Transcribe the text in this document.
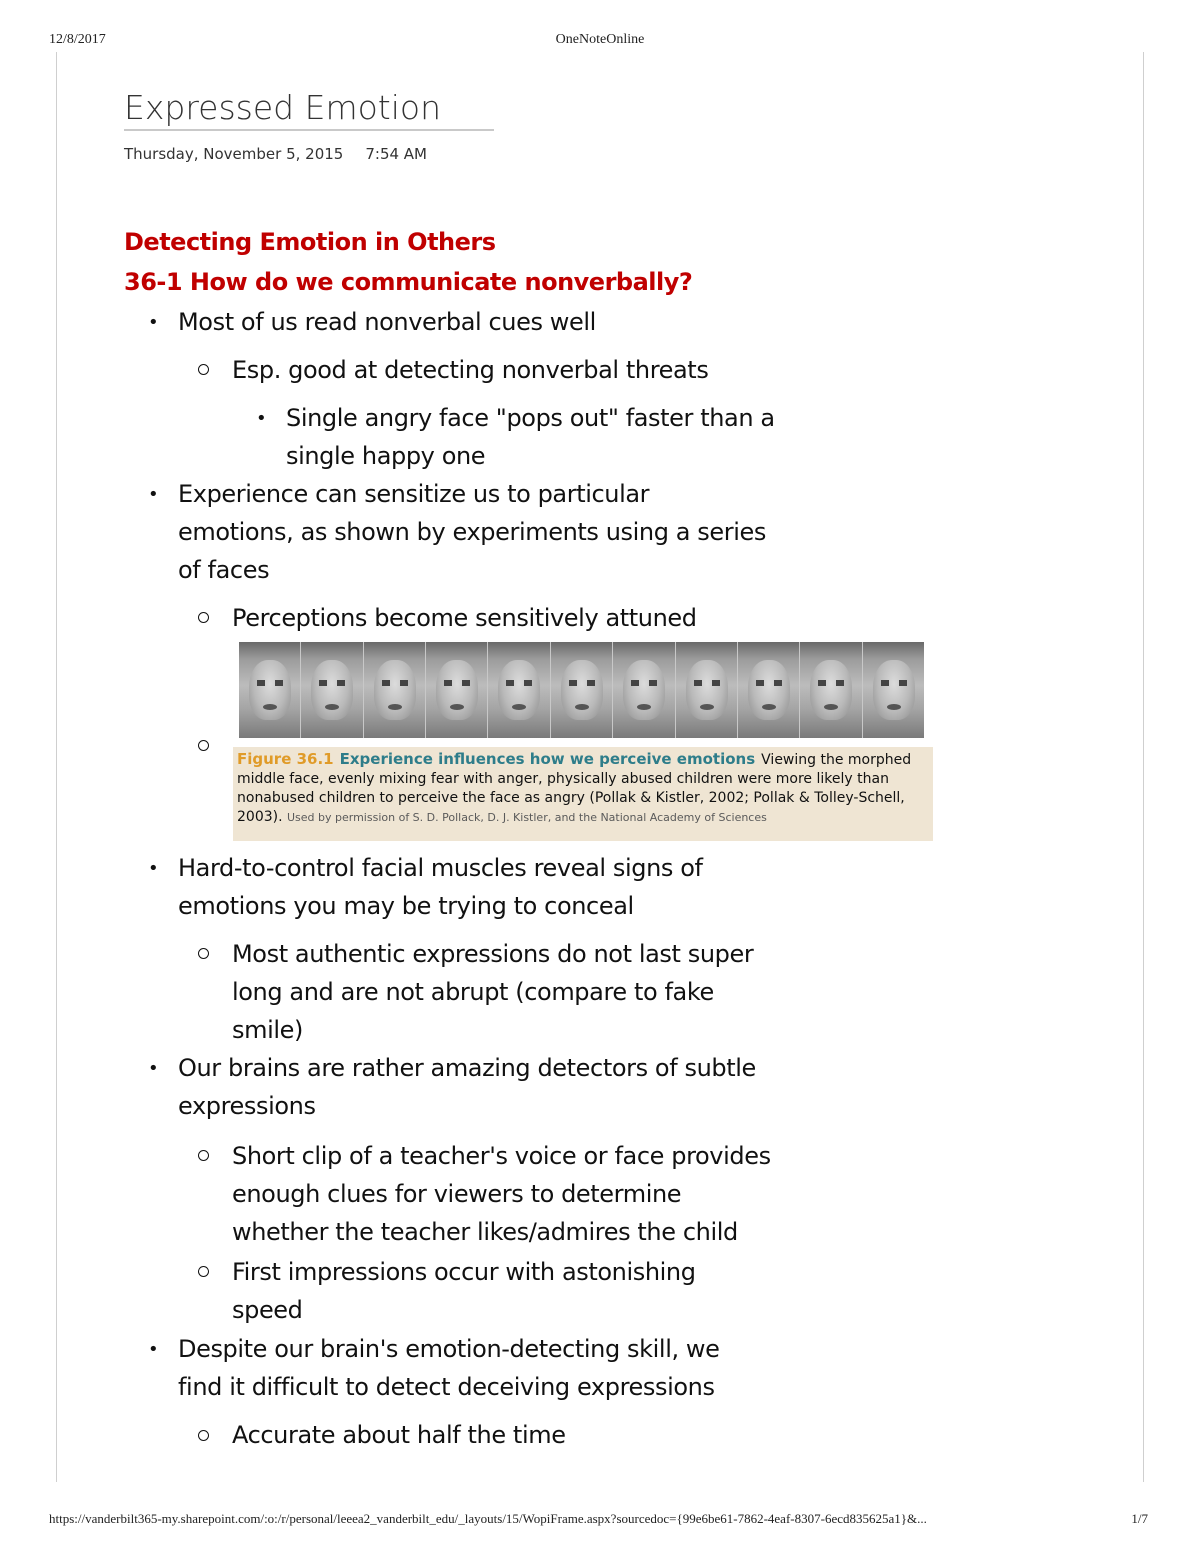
12/8/2017	OneNoteOnline
Expressed Emotion
Thursday, November 5, 2015 7:54 AM
Detecting Emotion in Others
36-1 How do we communicate nonverbally?
• Most of us read nonverbal cues well
Esp. good at detecting nonverbal threats
• Single angry face "pops out" faster than a
single happy one
• Experience can sensitize us to particular
emotions, as shown by experiments using a series
of faces
Perceptions become sensitively attuned
Figure 36.1 Experience influences how we perceive emotions Viewing the morphed middle face, evenly mixing fear with anger, physically abused children were more likely than nonabused children to perceive the face as angry (Pollak & Kistler, 2002; Pollak & Tolley-Schell, 2003). Used by permission of S. D. Pollack, D. J. Kistler, and the National Academy of Sciences
• Hard-to-control facial muscles reveal signs of
emotions you may be trying to conceal
Most authentic expressions do not last super
long and are not abrupt (compare to fake
smile)
• Our brains are rather amazing detectors of subtle
expressions
Short clip of a teacher's voice or face provides
enough clues for viewers to determine
whether the teacher likes/admires the child
First impressions occur with astonishing
speed
• Despite our brain's emotion-detecting skill, we
find it difficult to detect deceiving expressions
Accurate about half the time
https://vanderbilt365-my.sharepoint.com/:o:/r/personal/leeea2_vanderbilt_edu/_layouts/15/WopiFrame.aspx?sourcedoc={99e6be61-7862-4eaf-8307-6ecd835625a1}&...	1/7
